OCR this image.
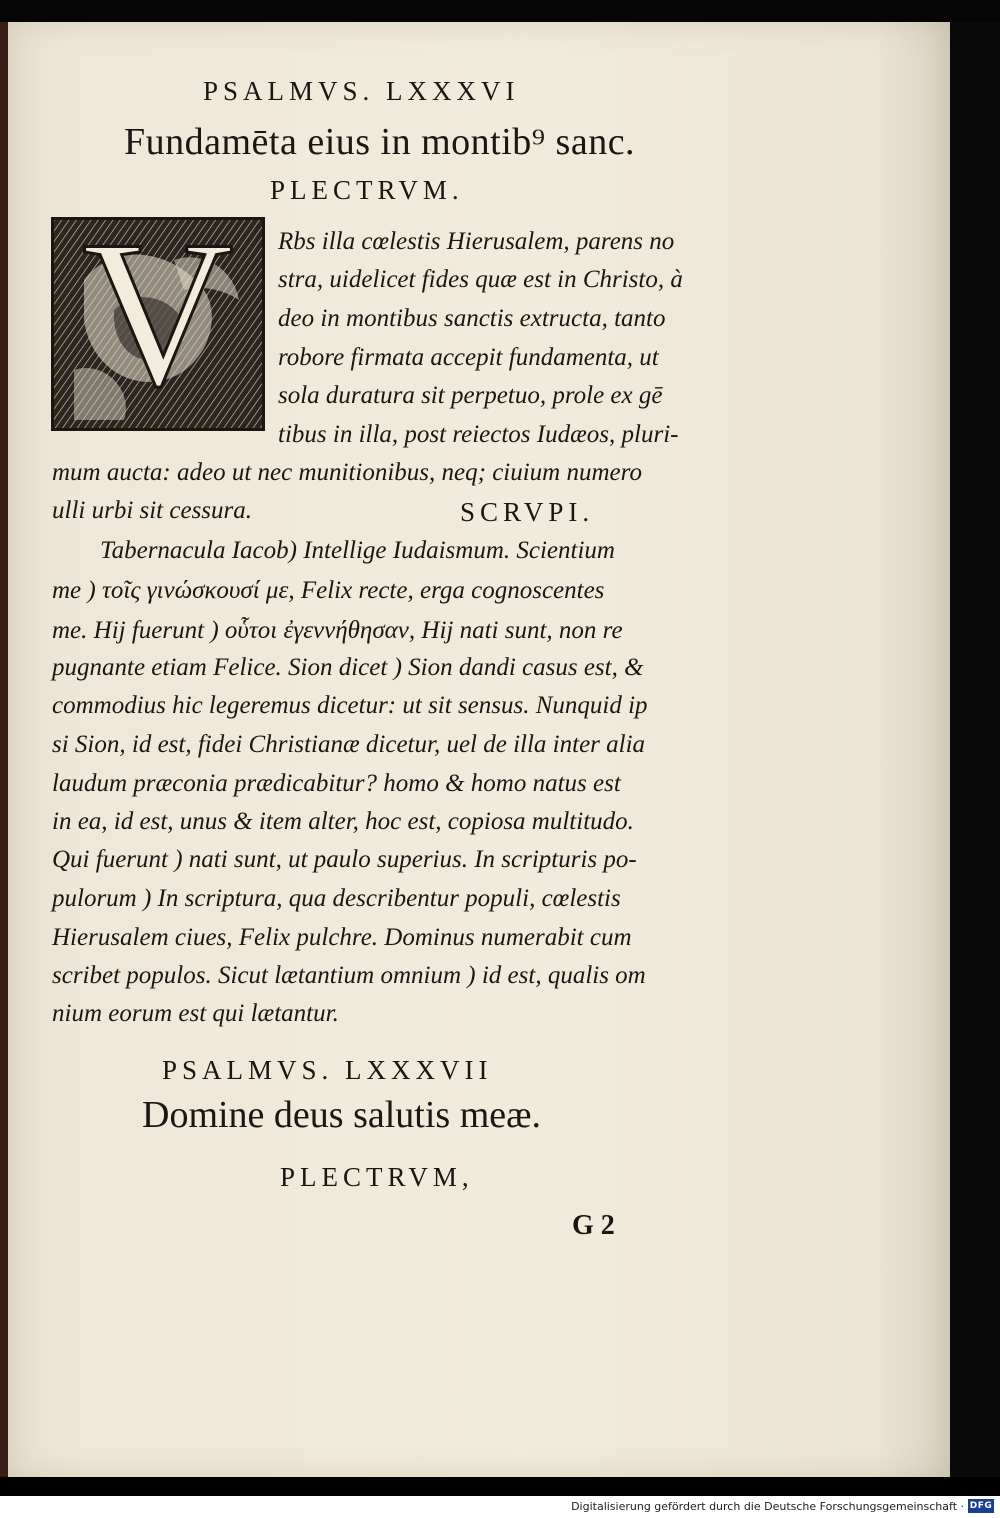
PSALMVS. LXXXVI
Fundamēta eius in montib⁹ sanc.
PLECTRVM.
V	Rbs illa cœlestis Hierusalem, parens no
stra, uidelicet fides quæ est in Christo, à
deo in montibus sanctis extructa, tanto
robore firmata accepit fundamenta, ut
sola duratura sit perpetuo, prole ex gē
tibus in illa, post reiectos Iudæos, pluri-
mum aucta: adeo ut nec munitionibus, neq; ciuium numero
ulli urbi sit cessura.	SCRVPI.
Tabernacula Iacob) Intellige Iudaismum. Scientium
me ) τοῖς γινώσκουσί με, Felix recte, erga cognoscentes
me. Hij fuerunt ) οὗτοι ἐγεννήθησαν, Hij nati sunt, non re
pugnante etiam Felice. Sion dicet ) Sion dandi casus est, &
commodius hic legeremus dicetur: ut sit sensus. Nunquid ip
si Sion, id est, fidei Christianæ dicetur, uel de illa inter alia
laudum præconia prædicabitur? homo & homo natus est
in ea, id est, unus & item alter, hoc est, copiosa multitudo.
Qui fuerunt ) nati sunt, ut paulo superius. In scripturis po-
pulorum ) In scriptura, qua describentur populi, cœlestis
Hierusalem ciues, Felix pulchre. Dominus numerabit cum
scribet populos. Sicut lætantium omnium ) id est, qualis om
nium eorum est qui lætantur.
PSALMVS. LXXXVII
Domine deus salutis meæ.
PLECTRVM,
G 2
Digitalisierung gefördert durch die Deutsche Forschungsgemeinschaft · DFG
